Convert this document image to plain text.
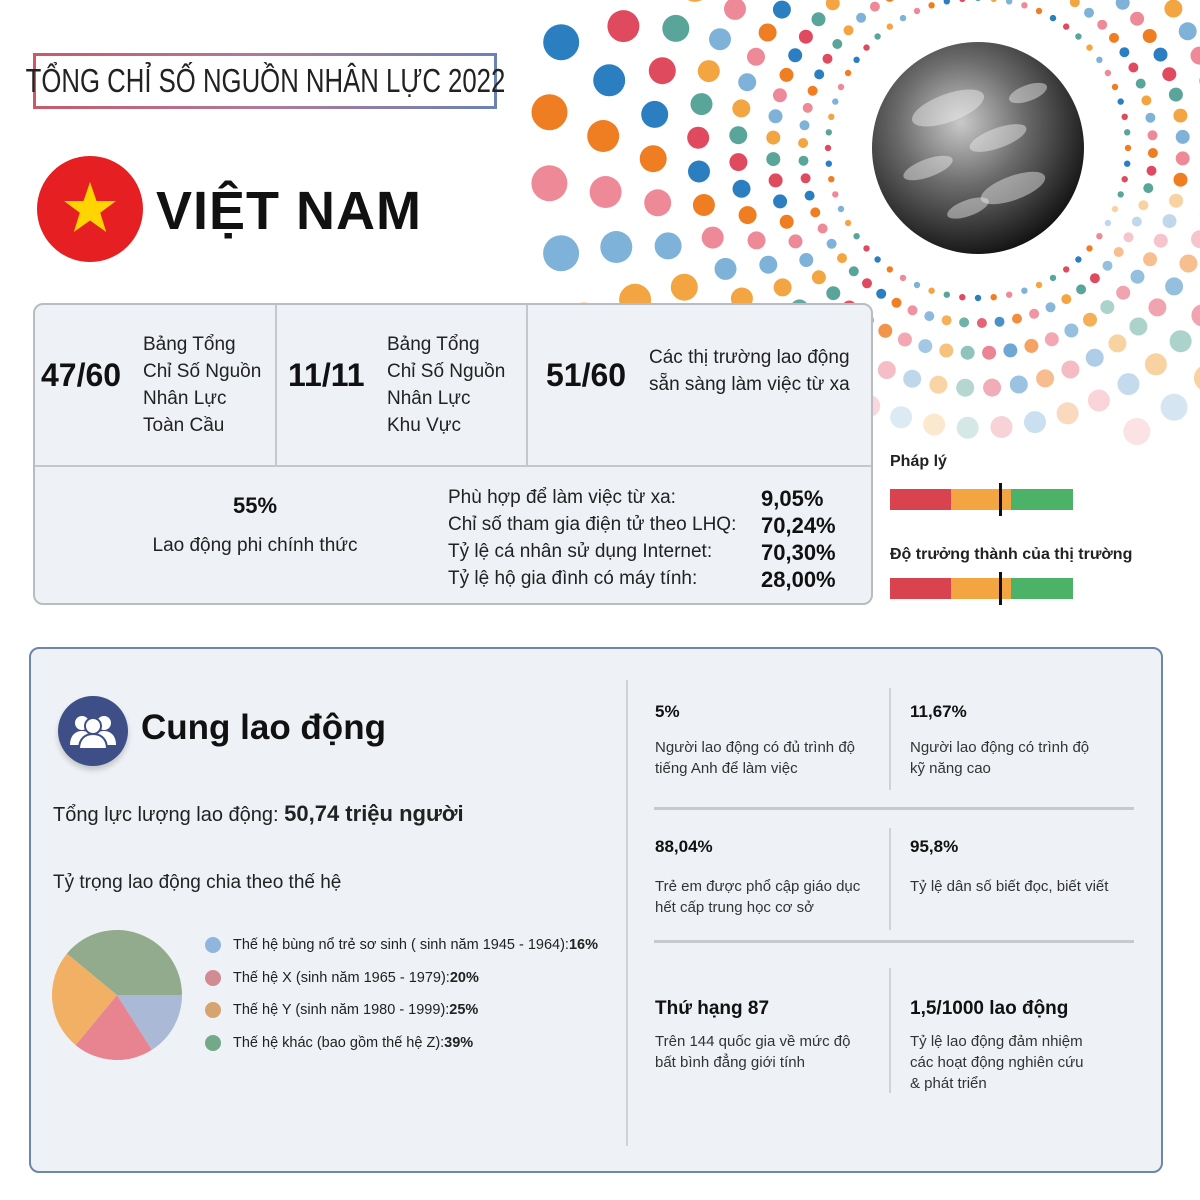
TỔNG CHỈ SỐ NGUỒN NHÂN LỰC 2022
VIỆT NAM
47/60
Bảng Tổng
Chỉ Số Nguồn
Nhân Lực
Toàn Cầu
11/11
Bảng Tổng
Chỉ Số Nguồn
Nhân Lực
Khu Vực
51/60 Các thị trường lao động
sẵn sàng làm việc từ xa
55%
Lao động phi chính thức
Phù hợp để làm việc từ xa:	9,05%
Chỉ số tham gia điện tử theo LHQ: 70,24%
Tỷ lệ cá nhân sử dụng Internet: 70,30%
Tỷ lệ hộ gia đình có máy tính:	28,00%
Pháp lý
Độ trưởng thành của thị trường
Cung lao động
Tổng lực lượng lao động: 50,74 triệu người
Tỷ trọng lao động chia theo thế hệ
Thế hệ bùng nổ trẻ sơ sinh ( sinh năm 1945 - 1964): 16%
Thế hệ X (sinh năm 1965 - 1979): 20%
Thế hệ Y (sinh năm 1980 - 1999): 25%
Thế hệ khác (bao gồm thế hệ Z): 39%
5%
Người lao động có đủ trình độ
tiếng Anh để làm việc
11,67%
Người lao động có trình độ
kỹ năng cao
88,04%
Trẻ em được phổ cập giáo dục
hết cấp trung học cơ sở
95,8%
Tỷ lệ dân số biết đọc, biết viết
Thứ hạng 87
Trên 144 quốc gia về mức độ
bất bình đẳng giới tính
1,5/1000 lao động
Tỷ lệ lao động đảm nhiệm
các hoạt động nghiên cứu
& phát triển
